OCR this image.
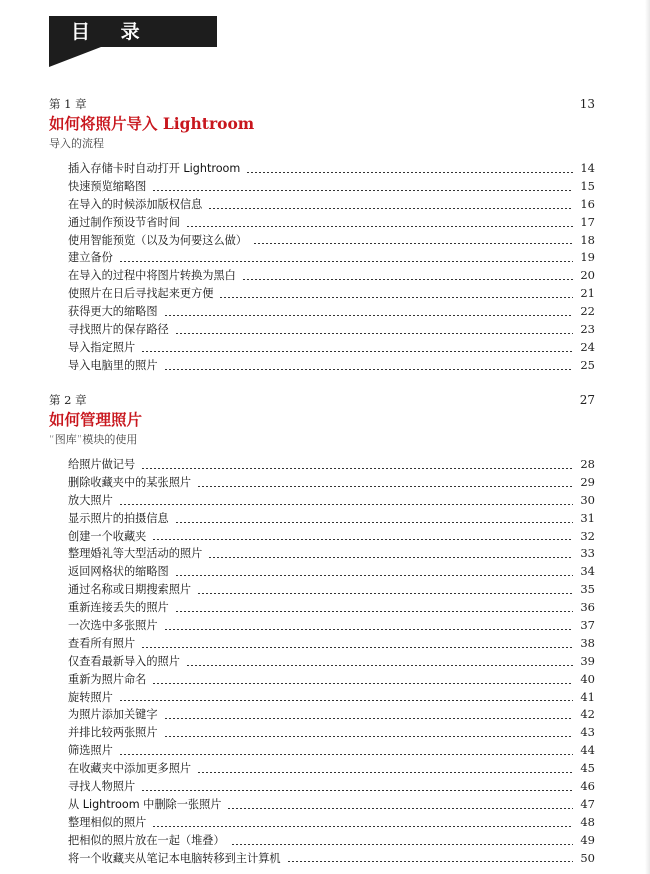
目 录
第 1 章	13
如何将照片导入 Lightroom
导入的流程
插入存储卡时自动打开 Lightroom	14
快速预览缩略图	15
在导入的时候添加版权信息	16
通过制作预设节省时间	17
使用智能预览（以及为何要这么做）	18
建立备份	19
在导入的过程中将图片转换为黑白	20
使照片在日后寻找起来更方便	21
获得更大的缩略图	22
寻找照片的保存路径	23
导入指定照片	24
导入电脑里的照片	25
第 2 章	27
如何管理照片
“图库”模块的使用
给照片做记号	28
删除收藏夹中的某张照片	29
放大照片	30
显示照片的拍摄信息	31
创建一个收藏夹	32
整理婚礼等大型活动的照片	33
返回网格状的缩略图	34
通过名称或日期搜索照片	35
重新连接丢失的照片	36
一次选中多张照片	37
查看所有照片	38
仅查看最新导入的照片	39
重新为照片命名	40
旋转照片	41
为照片添加关键字	42
并排比较两张照片	43
筛选照片	44
在收藏夹中添加更多照片	45
寻找人物照片	46
从 Lightroom 中删除一张照片	47
整理相似的照片	48
把相似的照片放在一起（堆叠）	49
将一个收藏夹从笔记本电脑转移到主计算机	50
